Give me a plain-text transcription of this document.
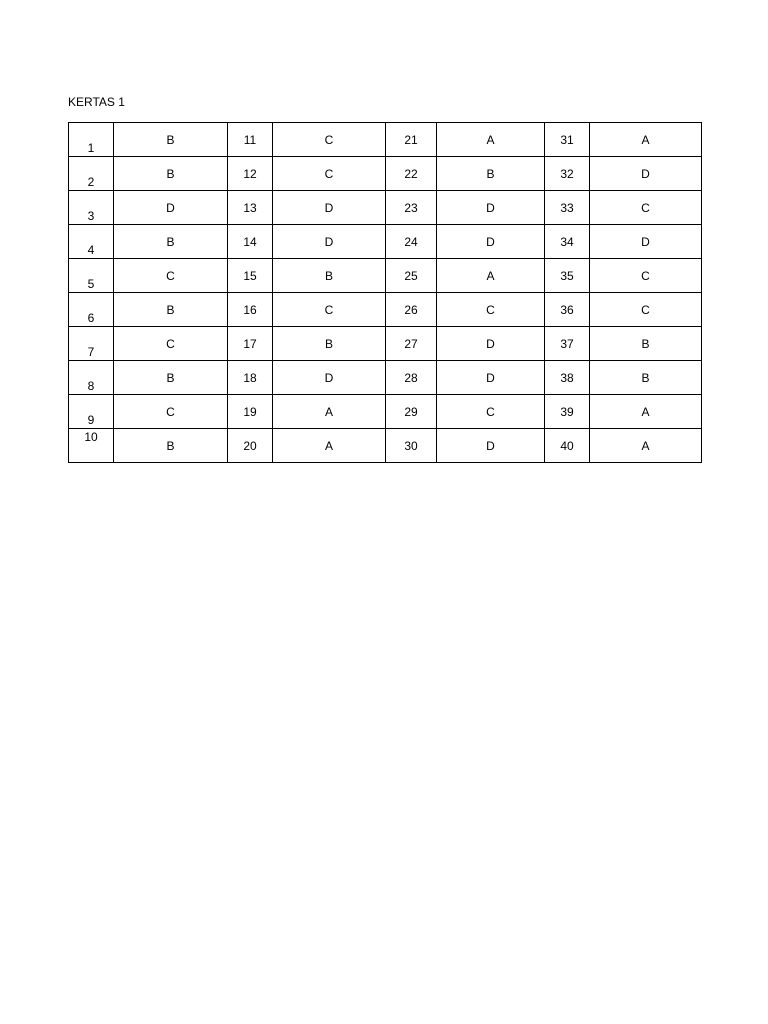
KERTAS 1
1	B	11	C	21	A	31	A
2	B	12	C	22	B	32	D
3	D	13	D	23	D	33	C
4	B	14	D	24	D	34	D
5	C	15	B	25	A	35	C
6	B	16	C	26	C	36	C
7	C	17	B	27	D	37	B
8	B	18	D	28	D	38	B
9	C	19	A	29	C	39	A
10	B	20	A	30	D	40	A
